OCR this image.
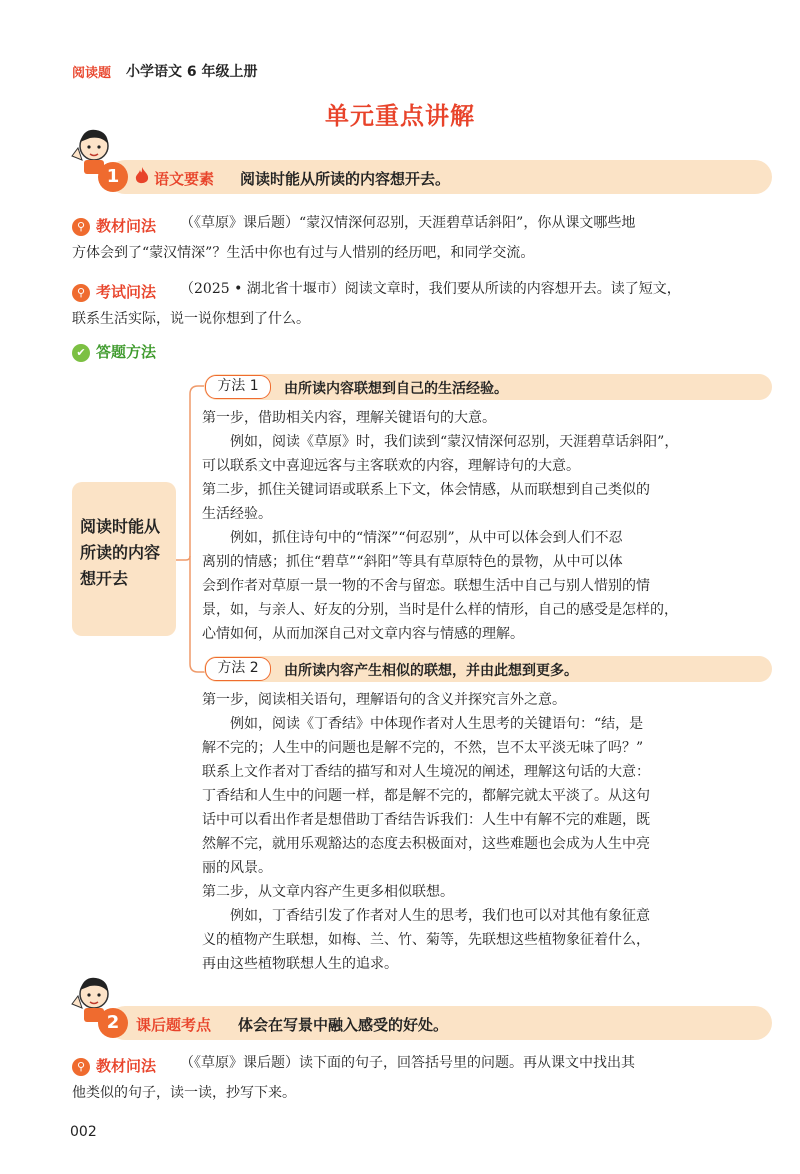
阅读题 小学语文 6 年级上册
单元重点讲解
1	语文要素 阅读时能从所读的内容想开去。
⚲ 教材问法 （《草原》课后题）“蒙汉情深何忍别，天涯碧草话斜阳”，你从课文哪些地
方体会到了“蒙汉情深”？生活中你也有过与人惜别的经历吧，和同学交流。
⚲ 考试问法 （2025 • 湖北省十堰市）阅读文章时，我们要从所读的内容想开去。读了短文，
联系生活实际，说一说你想到了什么。
✔ 答题方法
阅读时能从
所读的内容
想开去
方法 1	由所读内容联想到自己的生活经验。
第一步，借助相关内容，理解关键语句的大意。
　　例如，阅读《草原》时，我们读到“蒙汉情深何忍别，天涯碧草话斜阳”，
可以联系文中喜迎远客与主客联欢的内容，理解诗句的大意。
第二步，抓住关键词语或联系上下文，体会情感，从而联想到自己类似的
生活经验。
　　例如，抓住诗句中的“情深”“何忍别”，从中可以体会到人们不忍
离别的情感；抓住“碧草”“斜阳”等具有草原特色的景物，从中可以体
会到作者对草原一景一物的不舍与留恋。联想生活中自己与别人惜别的情
景，如，与亲人、好友的分别，当时是什么样的情形，自己的感受是怎样的，
心情如何，从而加深自己对文章内容与情感的理解。
方法 2	由所读内容产生相似的联想，并由此想到更多。
第一步，阅读相关语句，理解语句的含义并探究言外之意。
　　例如，阅读《丁香结》中体现作者对人生思考的关键语句：“结，是
解不完的；人生中的问题也是解不完的，不然，岂不太平淡无味了吗？”
联系上文作者对丁香结的描写和对人生境况的阐述，理解这句话的大意：
丁香结和人生中的问题一样，都是解不完的，都解完就太平淡了。从这句
话中可以看出作者是想借助丁香结告诉我们：人生中有解不完的难题，既
然解不完，就用乐观豁达的态度去积极面对，这些难题也会成为人生中亮
丽的风景。
第二步，从文章内容产生更多相似联想。
　　例如，丁香结引发了作者对人生的思考，我们也可以对其他有象征意
义的植物产生联想，如梅、兰、竹、菊等，先联想这些植物象征着什么，
再由这些植物联想人生的追求。
2	课后题考点 体会在写景中融入感受的好处。
⚲ 教材问法 （《草原》课后题）读下面的句子，回答括号里的问题。再从课文中找出其
他类似的句子，读一读，抄写下来。
002
